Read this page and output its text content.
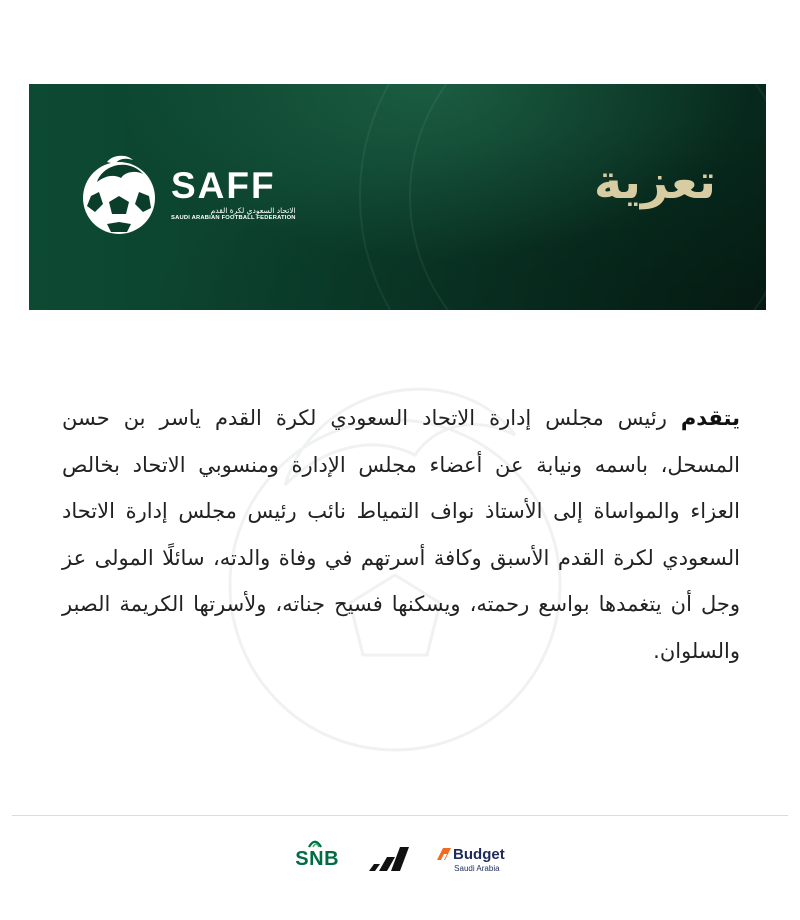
SAFF
الاتحاد السعودي لكرة القدم
SAUDI ARABIAN FOOTBALL FEDERATION
تعزية
يتقدم رئيس مجلس إدارة الاتحاد السعودي لكرة القدم ياسر بن حسن المسحل، باسمه ونيابة عن أعضاء مجلس الإدارة ومنسوبي الاتحاد بخالص العزاء والمواساة إلى الأستاذ نواف التمياط نائب رئيس مجلس إدارة الاتحاد السعودي لكرة القدم الأسبق وكافة أسرتهم في وفاة والدته، سائلًا المولى عز وجل أن يتغمدها بواسع رحمته، ويسكنها فسيح جناته، ولأسرتها الكريمة الصبر والسلوان.
SNB	Budget
Saudi Arabia
